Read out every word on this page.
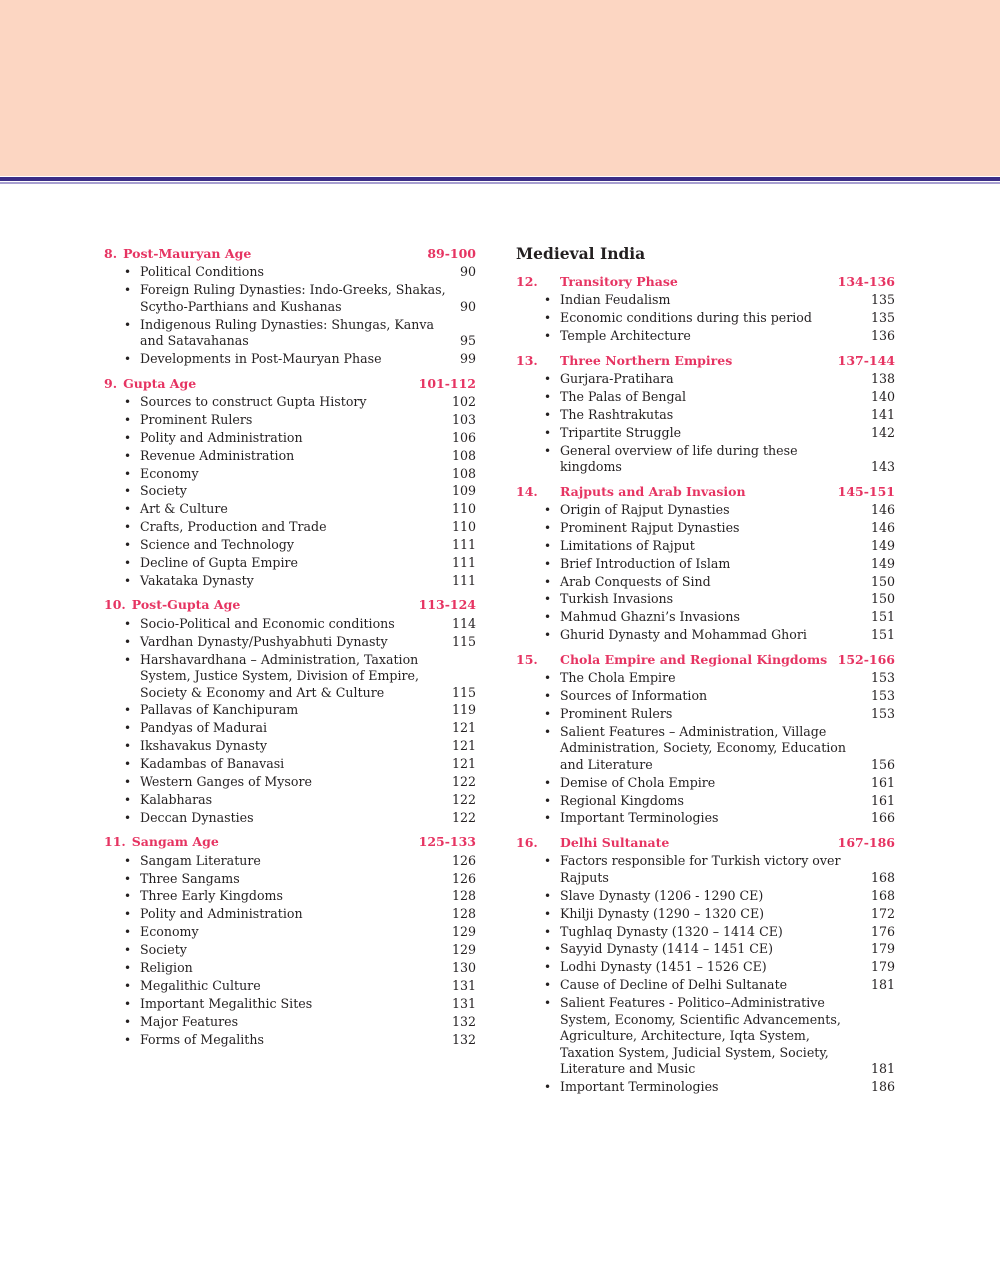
8. Post-Mauryan Age	89-100
• Political Conditions	90
• Foreign Ruling Dynasties: Indo-Greeks, Shakas, Scytho-Parthians and Kushanas	90
• Indigenous Ruling Dynasties: Shungas, Kanva and Satavahanas	95
• Developments in Post-Mauryan Phase	99
9. Gupta Age	101-112
• Sources to construct Gupta History	102
• Prominent Rulers	103
• Polity and Administration	106
• Revenue Administration	108
• Economy	108
• Society	109
• Art & Culture	110
• Crafts, Production and Trade	110
• Science and Technology	111
• Decline of Gupta Empire	111
• Vakataka Dynasty	111
10. Post-Gupta Age	113-124
• Socio-Political and Economic conditions	114
• Vardhan Dynasty/Pushyabhuti Dynasty	115
• Harshavardhana – Administration, Taxation System, Justice System, Division of Empire, Society & Economy and Art & Culture	115
• Pallavas of Kanchipuram	119
• Pandyas of Madurai	121
• Ikshavakus Dynasty	121
• Kadambas of Banavasi	121
• Western Ganges of Mysore	122
• Kalabharas	122
• Deccan Dynasties	122
11. Sangam Age	125-133
• Sangam Literature	126
• Three Sangams	126
• Three Early Kingdoms	128
• Polity and Administration	128
• Economy	129
• Society	129
• Religion	130
• Megalithic Culture	131
• Important Megalithic Sites	131
• Major Features	132
• Forms of Megaliths	132
Medieval India
12.	Transitory Phase	134-136
• Indian Feudalism	135
• Economic conditions during this period	135
• Temple Architecture	136
13.	Three Northern Empires	137-144
• Gurjara-Pratihara	138
• The Palas of Bengal	140
• The Rashtrakutas	141
• Tripartite Struggle	142
• General overview of life during these kingdoms	143
14.	Rajputs and Arab Invasion	145-151
• Origin of Rajput Dynasties	146
• Prominent Rajput Dynasties	146
• Limitations of Rajput	149
• Brief Introduction of Islam	149
• Arab Conquests of Sind	150
• Turkish Invasions	150
• Mahmud Ghazni’s Invasions	151
• Ghurid Dynasty and Mohammad Ghori	151
15.	Chola Empire and Regional Kingdoms 152-166
• The Chola Empire	153
• Sources of Information	153
• Prominent Rulers	153
• Salient Features – Administration, Village Administration, Society, Economy, Education and Literature	156
• Demise of Chola Empire	161
• Regional Kingdoms	161
• Important Terminologies	166
16.	Delhi Sultanate	167-186
• Factors responsible for Turkish victory over Rajputs	168
• Slave Dynasty (1206 - 1290 CE)	168
• Khilji Dynasty (1290 – 1320 CE)	172
• Tughlaq Dynasty (1320 – 1414 CE)	176
• Sayyid Dynasty (1414 – 1451 CE)	179
• Lodhi Dynasty (1451 – 1526 CE)	179
• Cause of Decline of Delhi Sultanate	181
• Salient Features - Politico–Administrative System, Economy, Scientific Advancements, Agriculture, Architecture, Iqta System, Taxation System, Judicial System, Society, Literature and Music	181
• Important Terminologies	186
